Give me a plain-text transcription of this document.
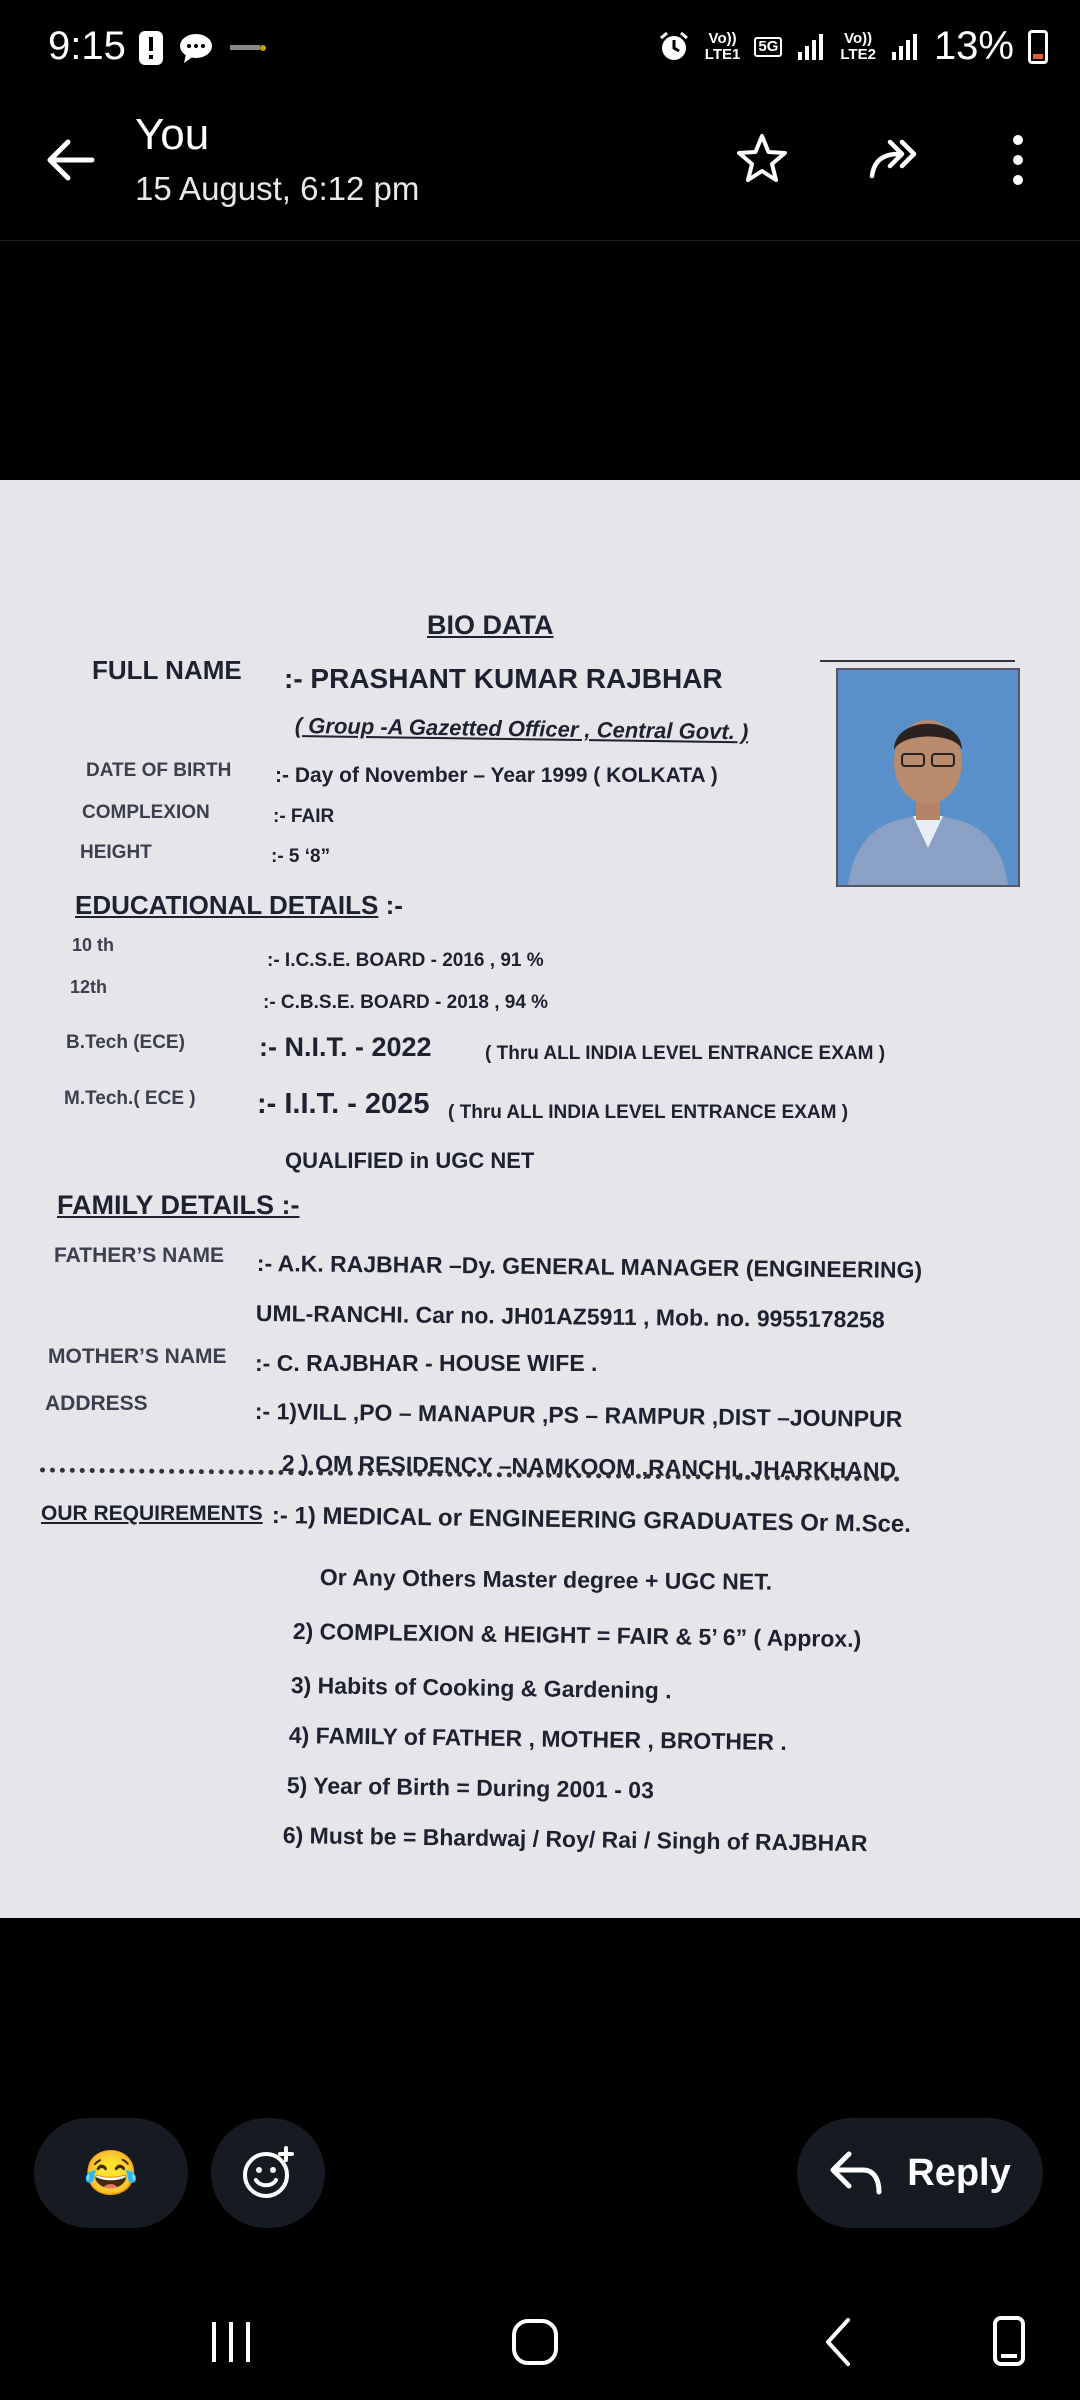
9:15	Vo))
LTE1 5G	Vo))
LTE2 13%
You
15 August, 6:12 pm
BIO DATA
FULL NAME :- PRASHANT KUMAR RAJBHAR
( Group -A Gazetted Officer , Central Govt. )
DATE OF BIRTH :- Day of November – Year 1999 ( KOLKATA )
COMPLEXION	:- FAIR
HEIGHT	:- 5 ‘8”
EDUCATIONAL DETAILS :-
10 th
:- I.C.S.E. BOARD - 2016 , 91 %
12th
:- C.B.S.E. BOARD - 2018 , 94 %
B.Tech (ECE)	:- N.I.T. - 2022	( Thru ALL INDIA LEVEL ENTRANCE EXAM )
M.Tech.( ECE ) :- I.I.T. - 2025 ( Thru ALL INDIA LEVEL ENTRANCE EXAM )
QUALIFIED in UGC NET
FAMILY DETAILS :-
FATHER’S NAME :- A.K. RAJBHAR –Dy. GENERAL MANAGER (ENGINEERING)
UML-RANCHI. Car no. JH01AZ5911 , Mob. no. 9955178258
MOTHER’S NAME :- C. RAJBHAR - HOUSE WIFE .
ADDRESS	:- 1)VILL ,PO – MANAPUR ,PS – RAMPUR ,DIST –JOUNPUR
2 ) OM RESIDENCY –NAMKOOM ,RANCHI, JHARKHAND
OUR REQUIREMENTS :- 1) MEDICAL or ENGINEERING GRADUATES Or M.Sce.
Or Any Others Master degree + UGC NET.
2) COMPLEXION & HEIGHT = FAIR & 5’ 6” ( Approx.)
3) Habits of Cooking & Gardening .
4) FAMILY of FATHER , MOTHER , BROTHER .
5) Year of Birth = During 2001 - 03
6) Must be = Bhardwaj / Roy/ Rai / Singh of RAJBHAR
😂	Reply
